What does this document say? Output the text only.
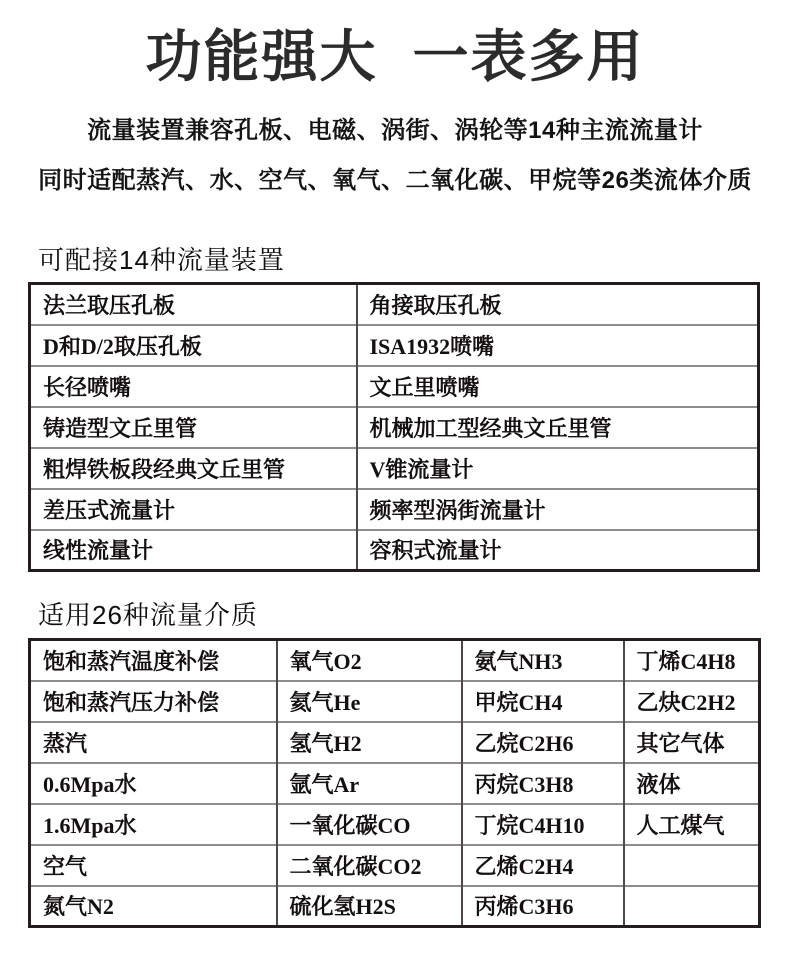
功能强大  一表多用
流量装置兼容孔板、电磁、涡街、涡轮等14种主流流量计
同时适配蒸汽、水、空气、氧气、二氧化碳、甲烷等26类流体介质
可配接14种流量装置
法兰取压孔板	角接取压孔板
D和D/2取压孔板	ISA1932喷嘴
长径喷嘴	文丘里喷嘴
铸造型文丘里管	机械加工型经典文丘里管
粗焊铁板段经典文丘里管	V锥流量计
差压式流量计	频率型涡街流量计
线性流量计	容积式流量计
适用26种流量介质
饱和蒸汽温度补偿	氧气O2	氨气NH3	丁烯C4H8
饱和蒸汽压力补偿	氦气He	甲烷CH4	乙炔C2H2
蒸汽	氢气H2	乙烷C2H6	其它气体
0.6Mpa水	氩气Ar	丙烷C3H8	液体
1.6Mpa水	一氧化碳CO	丁烷C4H10	人工煤气
空气	二氧化碳CO2	乙烯C2H4	
氮气N2	硫化氢H2S	丙烯C3H6	
